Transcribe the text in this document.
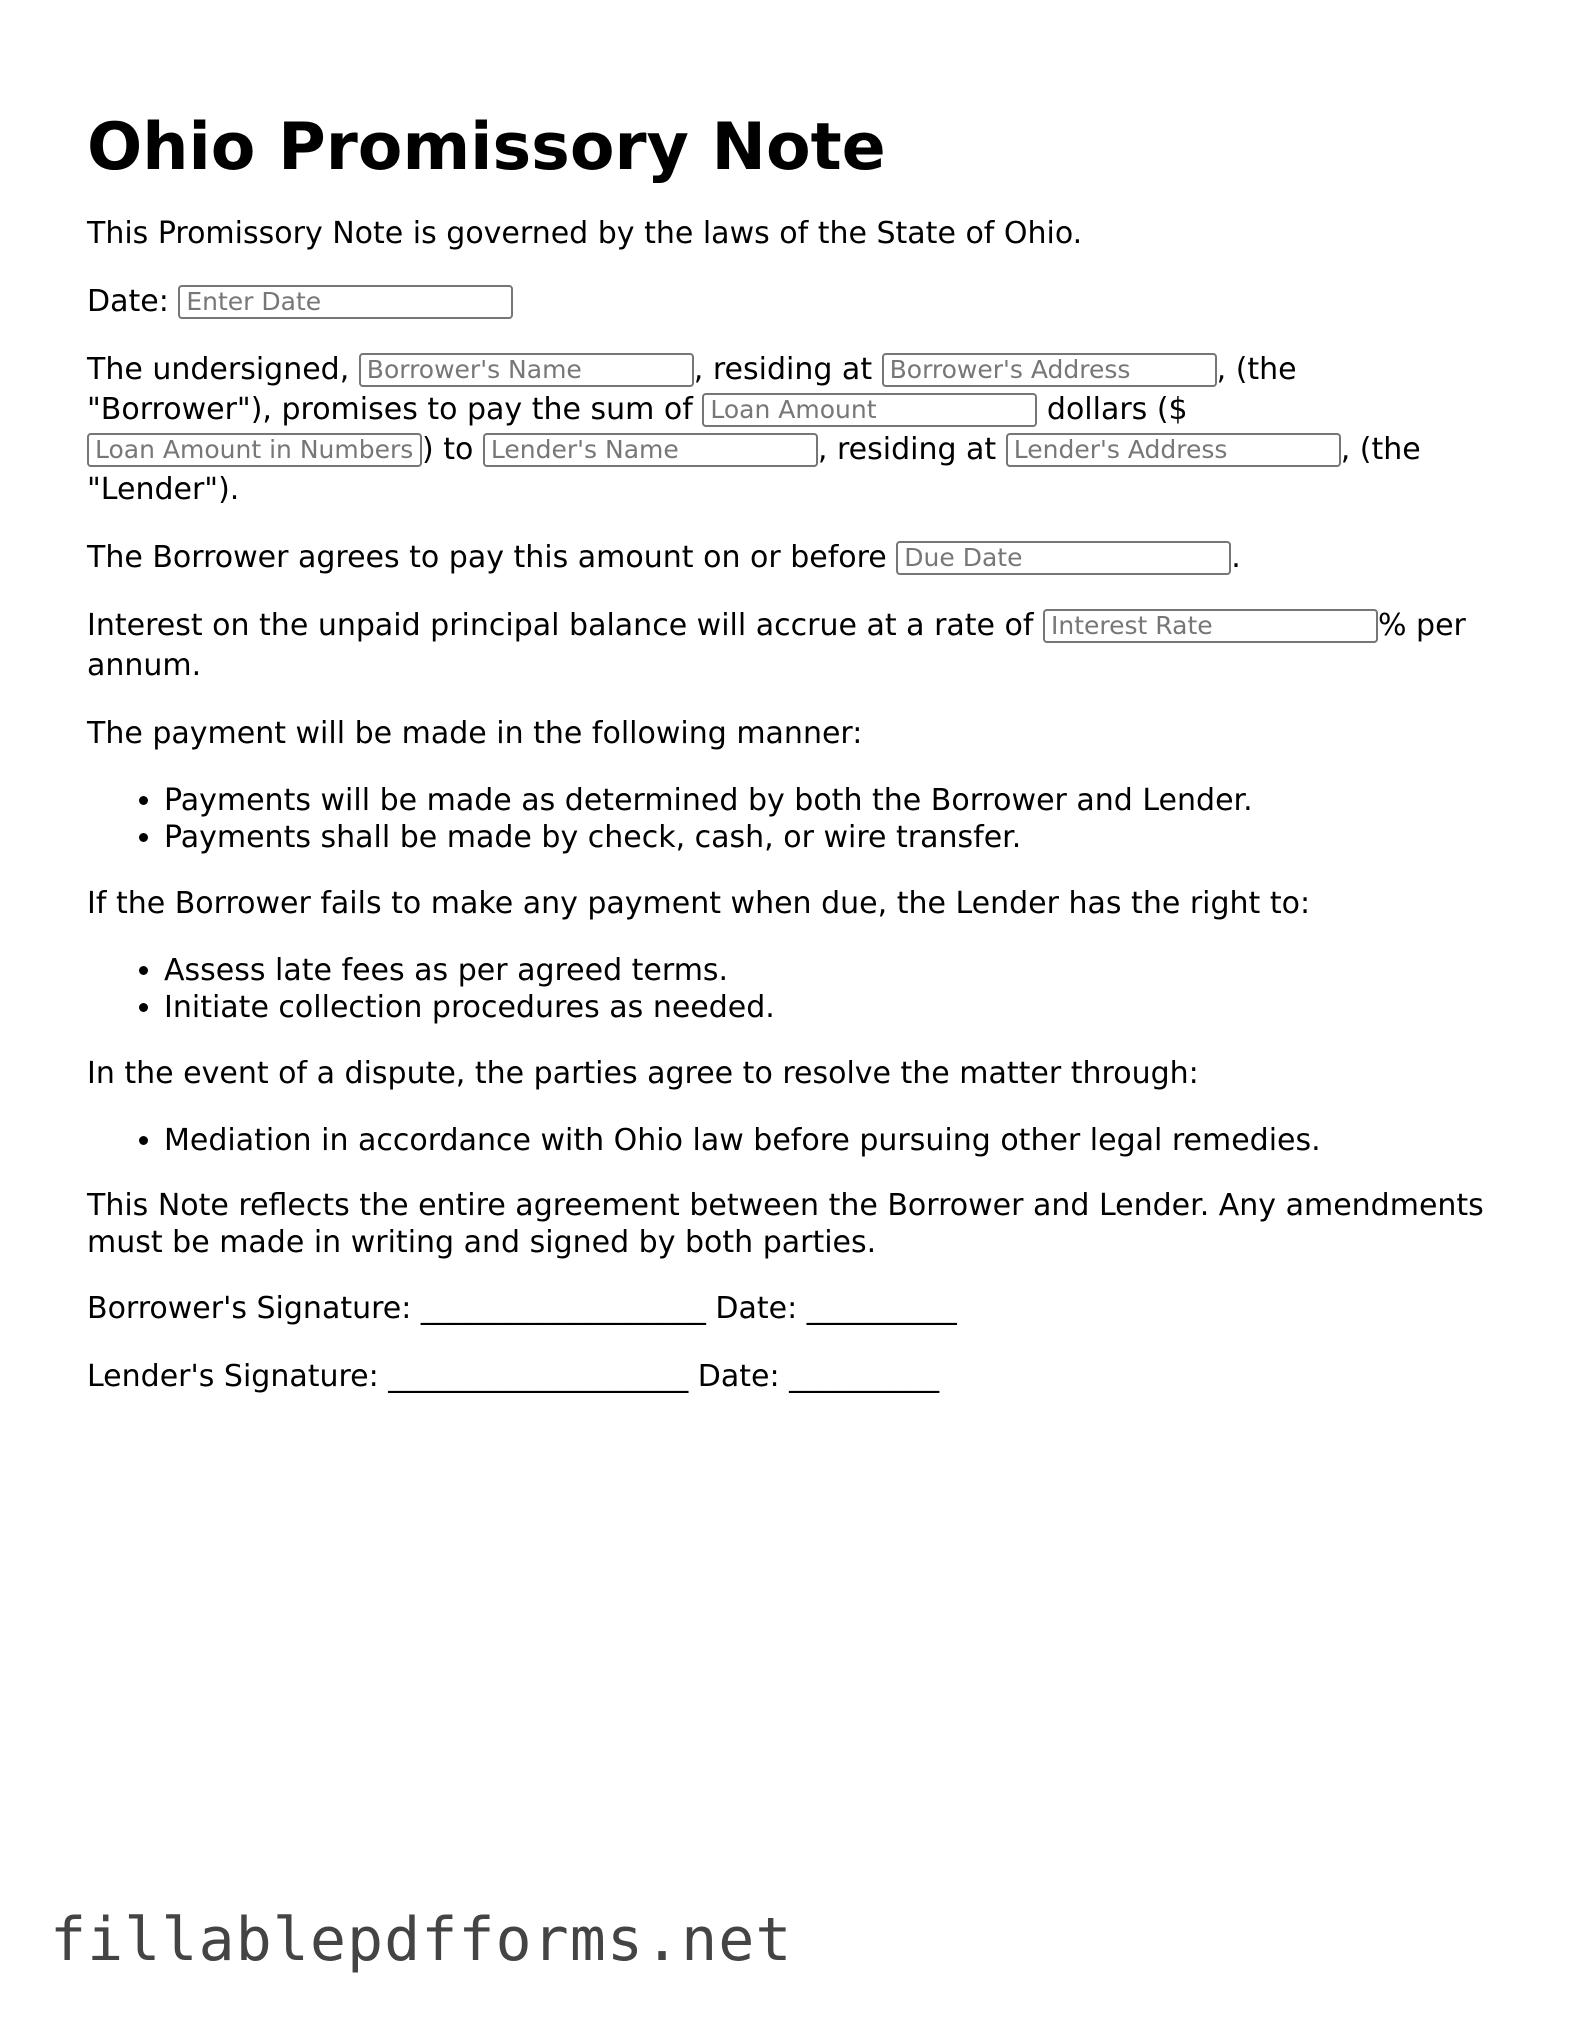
Ohio Promissory Note

This Promissory Note is governed by the laws of the State of Ohio.

Date: Enter Date

The undersigned, Borrower's Name	, residing at Borrower's Address	, (the "Borrower"), promises to pay the sum of Loan Amount	dollars ($Loan Amount in Numbers) to Lender's Name	, residing at Lender's Address	, (the "Lender").

The Borrower agrees to pay this amount on or before Due Date	.

Interest on the unpaid principal balance will accrue at a rate of Interest Rate	% per annum.

The payment will be made in the following manner:

• Payments will be made as determined by both the Borrower and Lender.
• Payments shall be made by check, cash, or wire transfer.

If the Borrower fails to make any payment when due, the Lender has the right to:

• Assess late fees as per agreed terms.
• Initiate collection procedures as needed.

In the event of a dispute, the parties agree to resolve the matter through:

• Mediation in accordance with Ohio law before pursuing other legal remedies.

This Note reflects the entire agreement between the Borrower and Lender. Any amendments must be made in writing and signed by both parties.

Borrower's Signature: ___________________ Date: __________

Lender's Signature: ____________________ Date: __________

fillablepdfforms.net
